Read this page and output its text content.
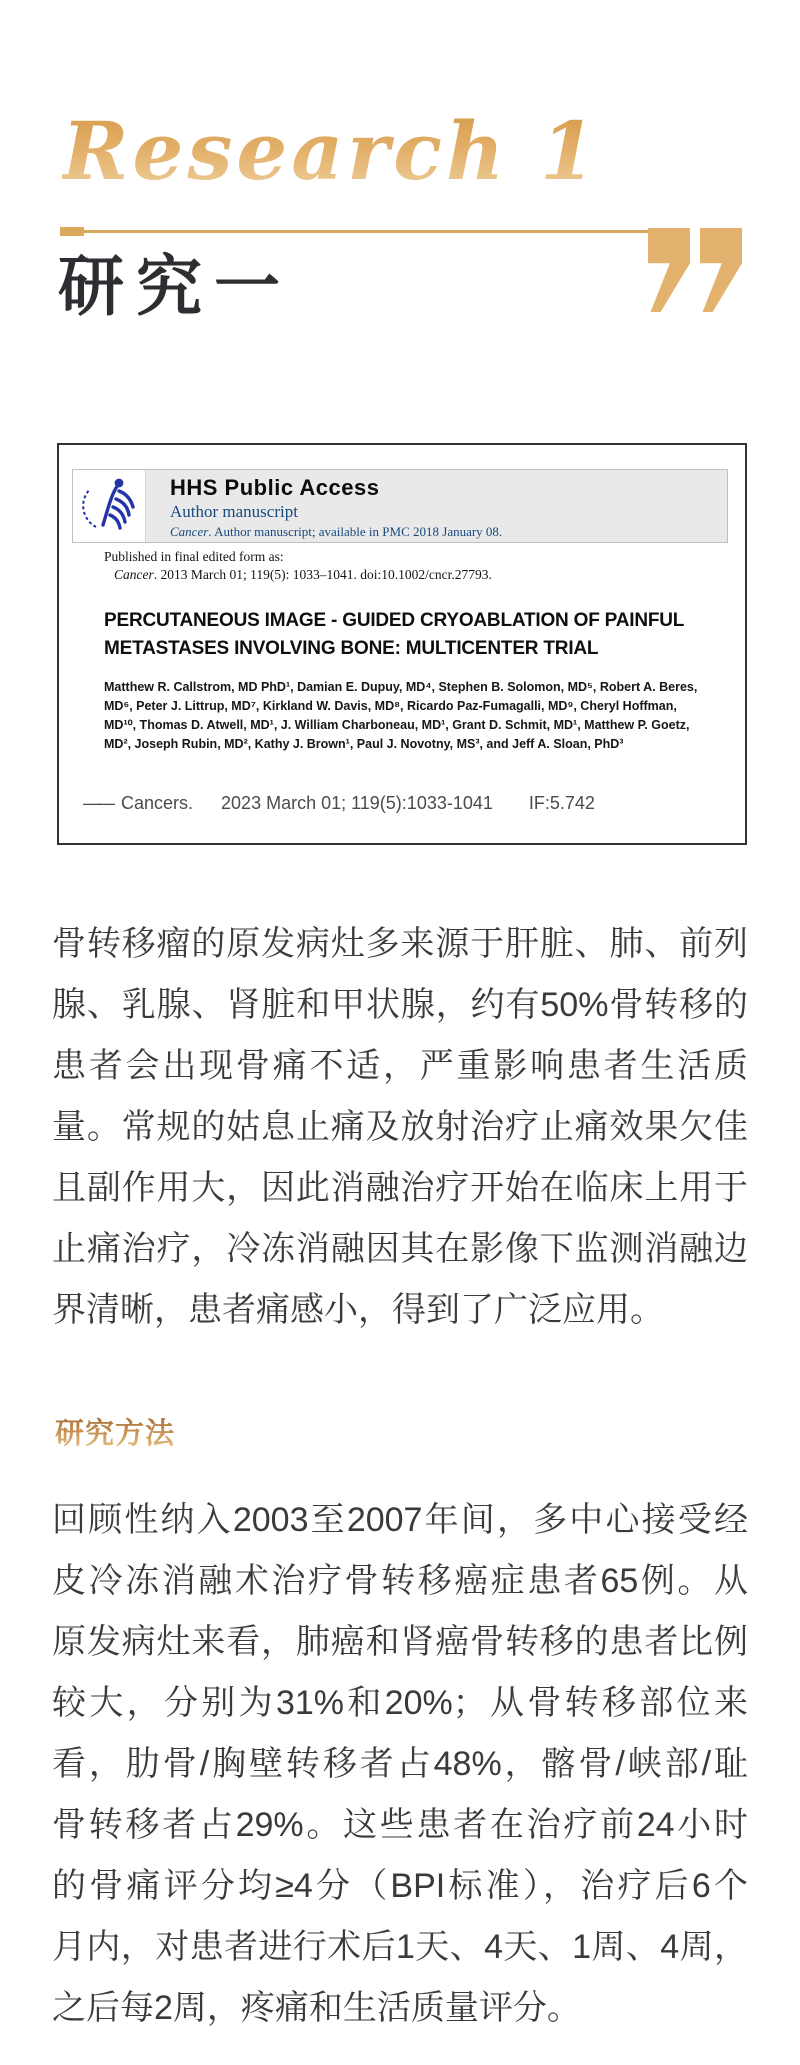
Research 1
研究一
HHS Public Access
Author manuscript
Cancer. Author manuscript; available in PMC 2018 January 08.
Published in final edited form as:
Cancer. 2013 March 01; 119(5): 1033–1041. doi:10.1002/cncr.27793.
PERCUTANEOUS IMAGE - GUIDED CRYOABLATION OF PAINFUL
METASTASES INVOLVING BONE: MULTICENTER TRIAL
Matthew R. Callstrom, MD PhD¹, Damian E. Dupuy, MD⁴, Stephen B. Solomon, MD⁵, Robert A. Beres, MD⁶, Peter J. Littrup, MD⁷, Kirkland W. Davis, MD⁸, Ricardo Paz-Fumagalli, MD⁹, Cheryl Hoffman, MD¹⁰, Thomas D. Atwell, MD¹, J. William Charboneau, MD¹, Grant D. Schmit, MD¹, Matthew P. Goetz, MD², Joseph Rubin, MD², Kathy J. Brown¹, Paul J. Novotny, MS³, and Jeff A. Sloan, PhD³
—— Cancers. 2023 March 01; 119(5):1033-1041 IF:5.742
骨转移瘤的原发病灶多来源于肝脏、肺、前列
腺、乳腺、肾脏和甲状腺，约有50%骨转移的
患者会出现骨痛不适，严重影响患者生活质
量。常规的姑息止痛及放射治疗止痛效果欠佳
且副作用大，因此消融治疗开始在临床上用于
止痛治疗，冷冻消融因其在影像下监测消融边
界清晰，患者痛感小，得到了广泛应用。
研究方法
回顾性纳入2003至2007年间，多中心接受经
皮冷冻消融术治疗骨转移癌症患者65例。从
原发病灶来看，肺癌和肾癌骨转移的患者比例
较大，分别为31%和20%；从骨转移部位来
看，肋骨/胸壁转移者占48%，髂骨/峡部/耻
骨转移者占29%。这些患者在治疗前24小时
的骨痛评分均≥4分（BPI标准），治疗后6个
月内，对患者进行术后1天、4天、1周、4周，
之后每2周，疼痛和生活质量评分。
